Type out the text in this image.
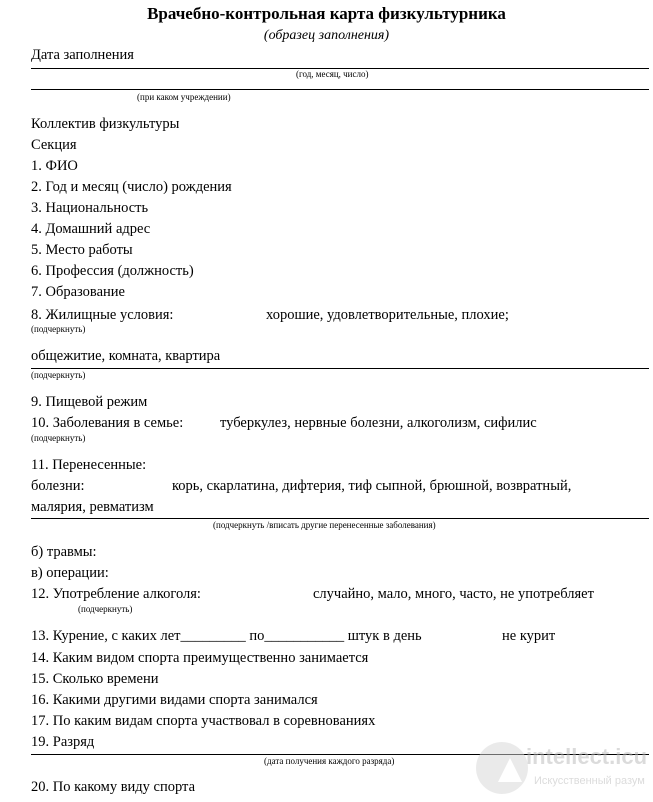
Врачебно-контрольная карта физкультурника
(образец заполнения)
Дата заполнения
(год, месяц, число)
(при каком учреждении)
Коллектив физкультуры
Секция
1. ФИО
2. Год и месяц (число) рождения
3. Национальность
4. Домашний адрес
5. Место работы
6. Профессия (должность)
7. Образование
8. Жилищные условия:	хорошие, удовлетворительные, плохие;
(подчеркнуть)
общежитие, комната, квартира
(подчеркнуть)
9. Пищевой режим
10. Заболевания в семье:	туберкулез, нервные болезни, алкоголизм, сифилис
(подчеркнуть)
11. Перенесенные:
болезни:	корь, скарлатина, дифтерия, тиф сыпной, брюшной, возвратный,
малярия, ревматизм
(подчеркнуть /вписать другие перенесенные заболевания)
б) травмы:
в) операции:
12. Употребление алкоголя:	случайно, мало, много, часто, не употребляет
(подчеркнуть)
13. Курение, с каких лет_________ по___________ штук в день	не курит
14. Каким видом спорта преимущественно занимается
15. Сколько времени
16. Какими другими видами спорта занимался
17. По каким видам спорта участвовал в соревнованиях
19. Разряд
(дата получения каждого разряда)
20. По какому виду спорта
intellect.icu
Искусственный разум
